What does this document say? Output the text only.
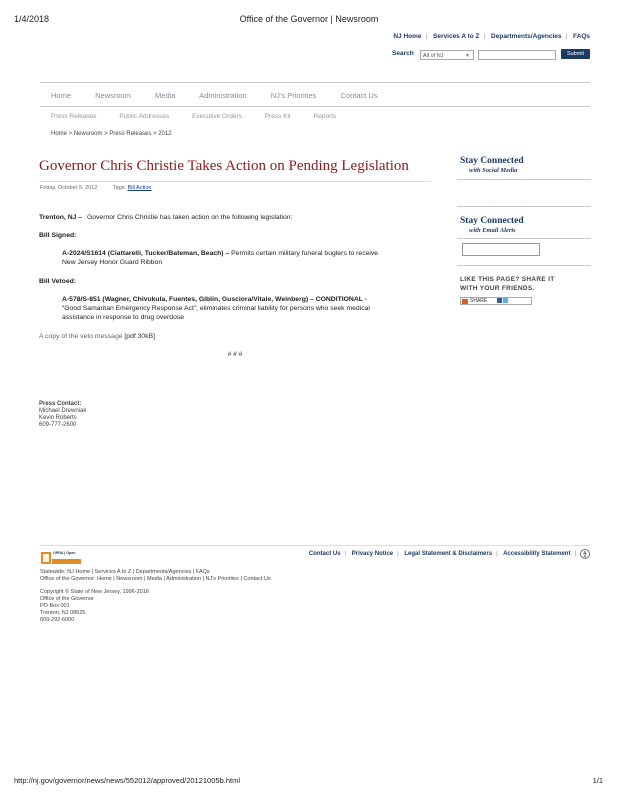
1/4/2018	Office of the Governor | Newsroom
NJ Home | Services A to Z | Departments/Agencies | FAQs
Search	All of NJ	▼	Submit
Home	Newsroom	Media	Administration	NJ's Priorities	Contact Us
Press Releases	Public Addresses	Executive Orders	Press Kit	Reports
Home > Newsroom > Press Releases > 2012
Governor Chris Christie Takes Action on Pending Legislation
Friday, October 5, 2012	Tags: Bill Action
Trenton, NJ – Governor Chris Christie has taken action on the following legislation:
Bill Signed:
A-2024/S1614 (Ciattarelli, Tucker/Bateman, Beach) – Permits certain military funeral buglers to receive
New Jersey Honor Guard Ribbon
Bill Vetoed:
A-578/S-851 (Wagner, Chivukula, Fuentes, Giblin, Gusciora/Vitale, Weinberg) – CONDITIONAL -
“Good Samaritan Emergency Response Act”; eliminates criminal liability for persons who seek medical
assistance in response to drug overdose
A copy of the veto message [pdf 30kB]
# # #
Press Contact:
Michael Drewniak
Kevin Roberts
609-777-2600
Stay Connected
with Social Media
Stay Connected
with Email Alerts
LIKE THIS PAGE? SHARE IT
WITH YOUR FRIENDS.
SHARE
OPRA | Open
Public Records Act
Contact Us | Privacy Notice | Legal Statement & Disclaimers | Accessibility Statement |
Statewide: NJ Home | Services A to Z | Departments/Agencies | FAQs
Office of the Governor: Home | Newsroom | Media | Administration | NJ's Priorities | Contact Us
Copyright © State of New Jersey, 1996-2018
Office of the Governor
PO Box 001
Trenton, NJ 08625
609-292-6000
http://nj.gov/governor/news/news/552012/approved/20121005b.html	1/1
